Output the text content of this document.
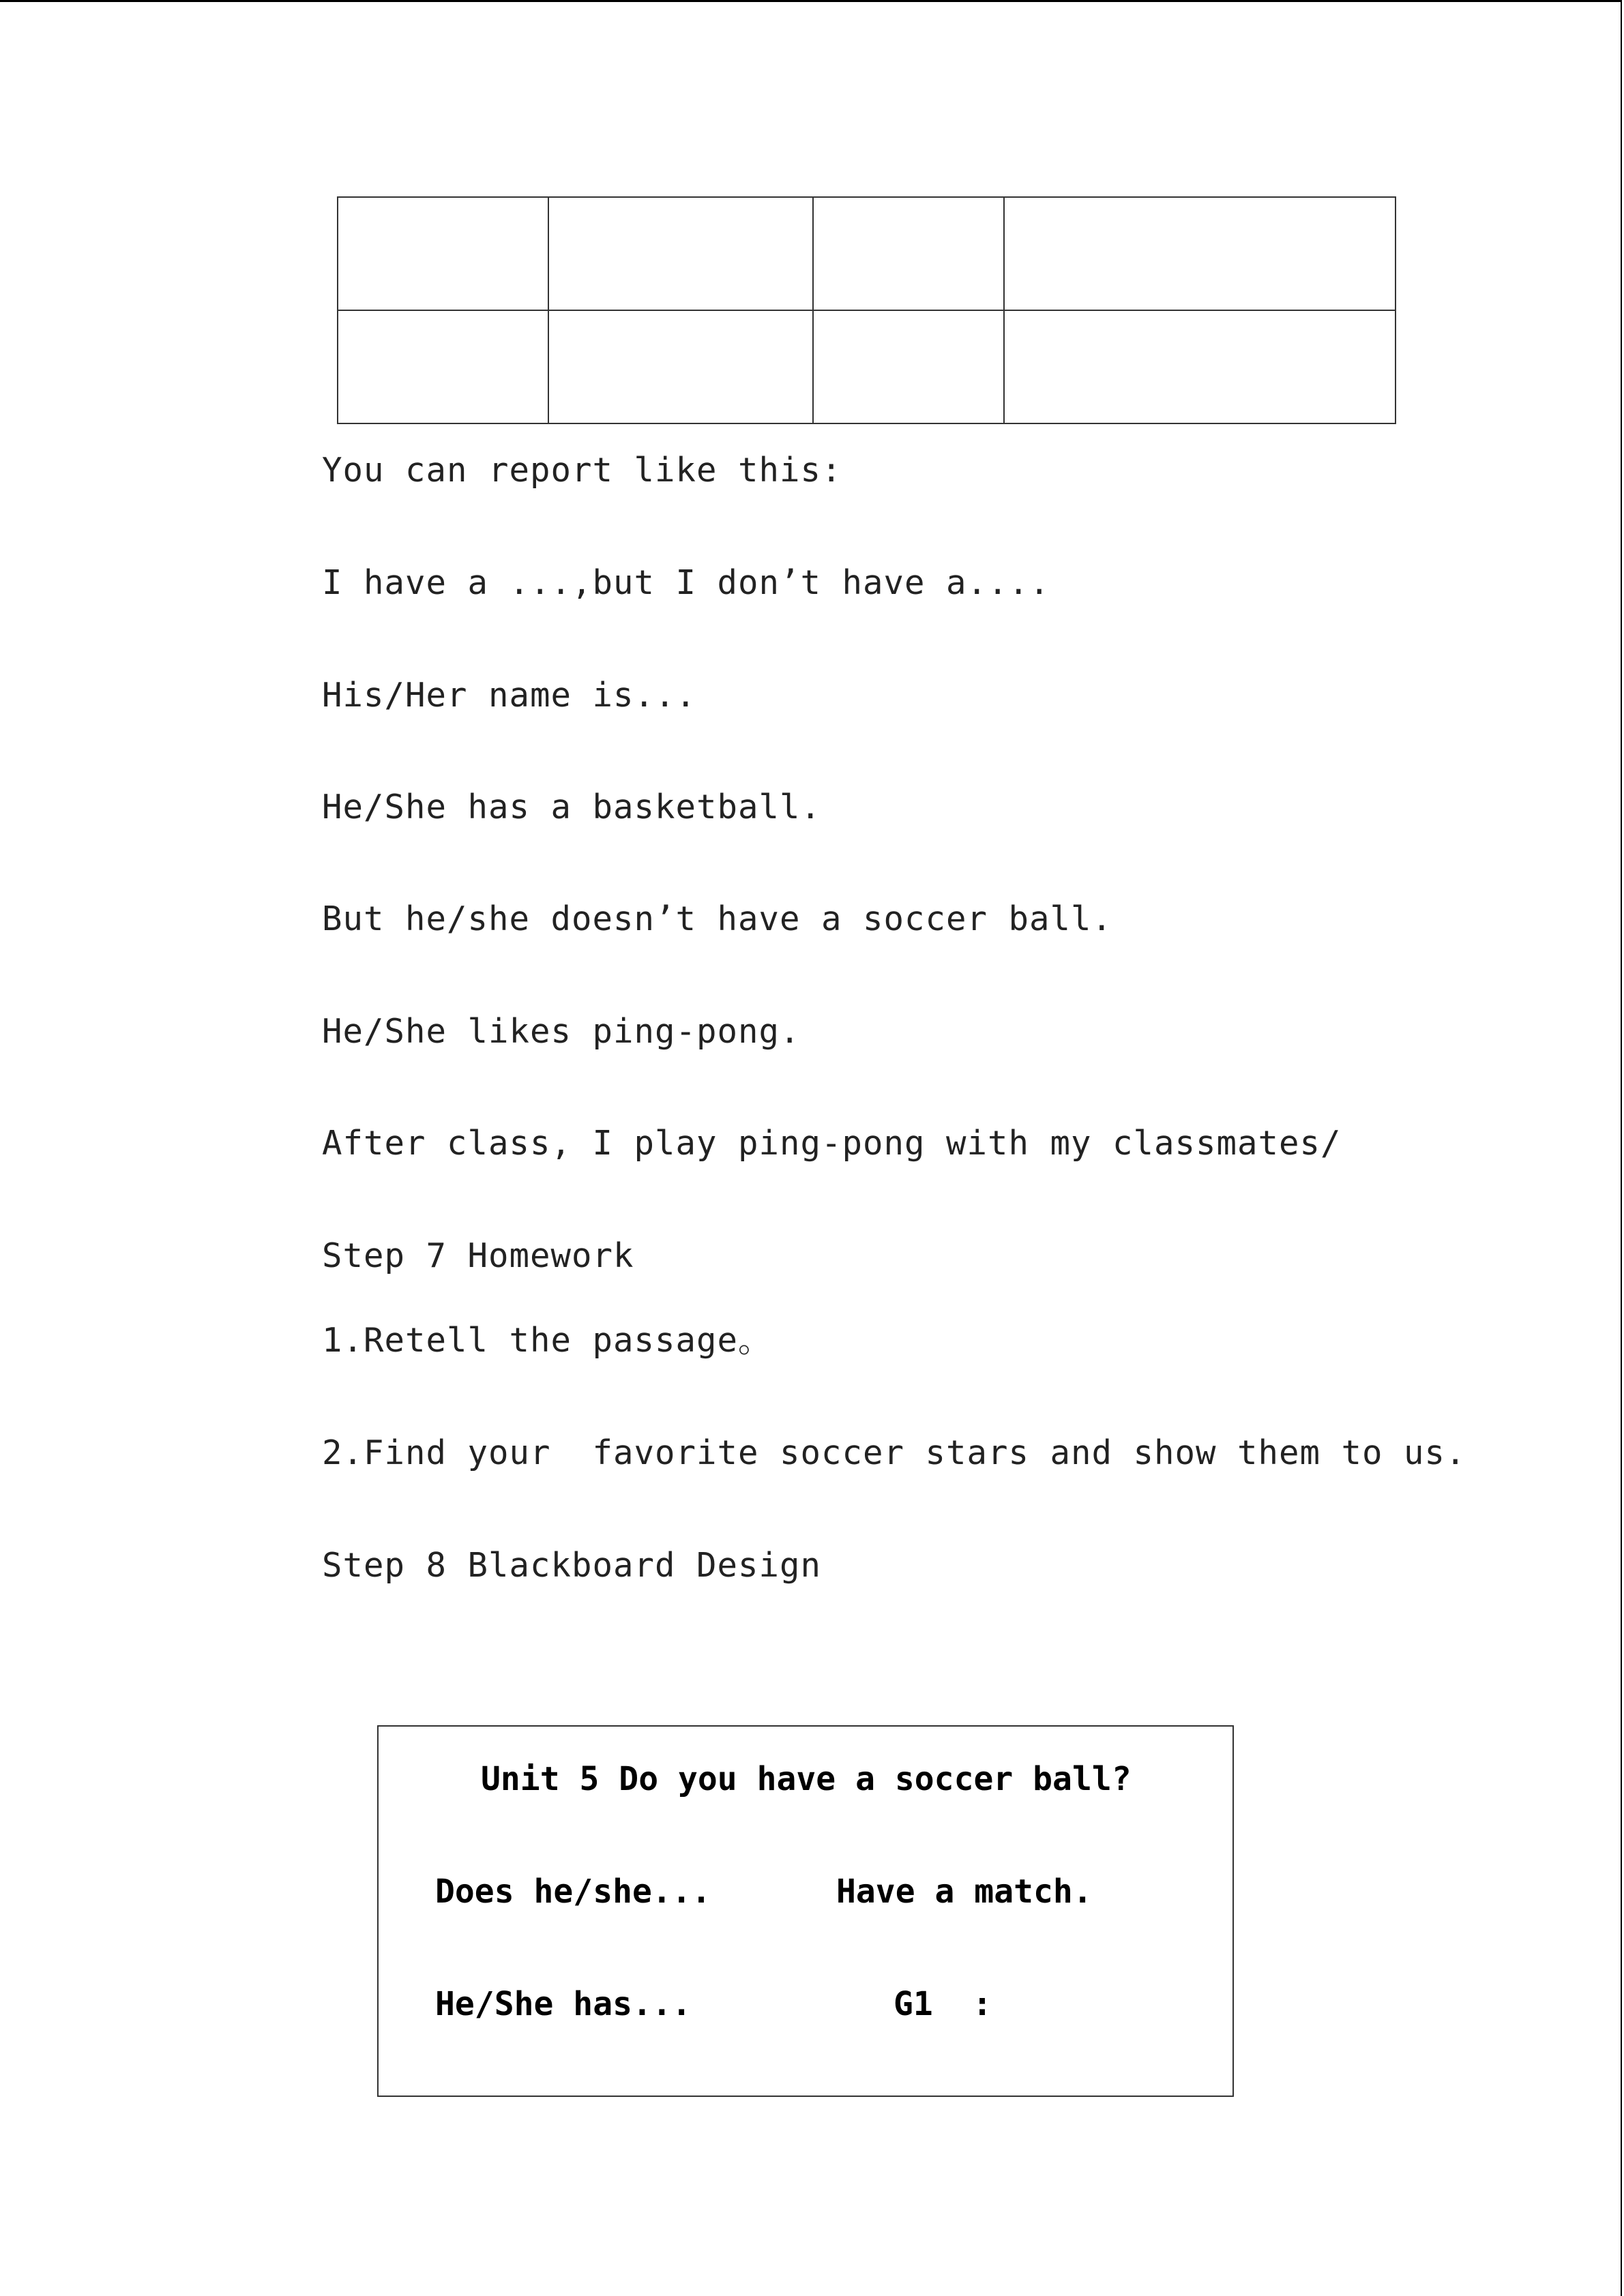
You can report like this:

I have a ...,but I don’t have a....

His/Her name is...

He/She has a basketball.

But he/she doesn’t have a soccer ball.

He/She likes ping-pong.

After class, I play ping-pong with my classmates/

Step 7 Homework

1.Retell the passage。

2.Find your  favorite soccer stars and show them to us.

Step 8 Blackboard Design

Unit 5 Do you have a soccer ball?

Does he/she...	Have a match.

He/She has...	G1  :
